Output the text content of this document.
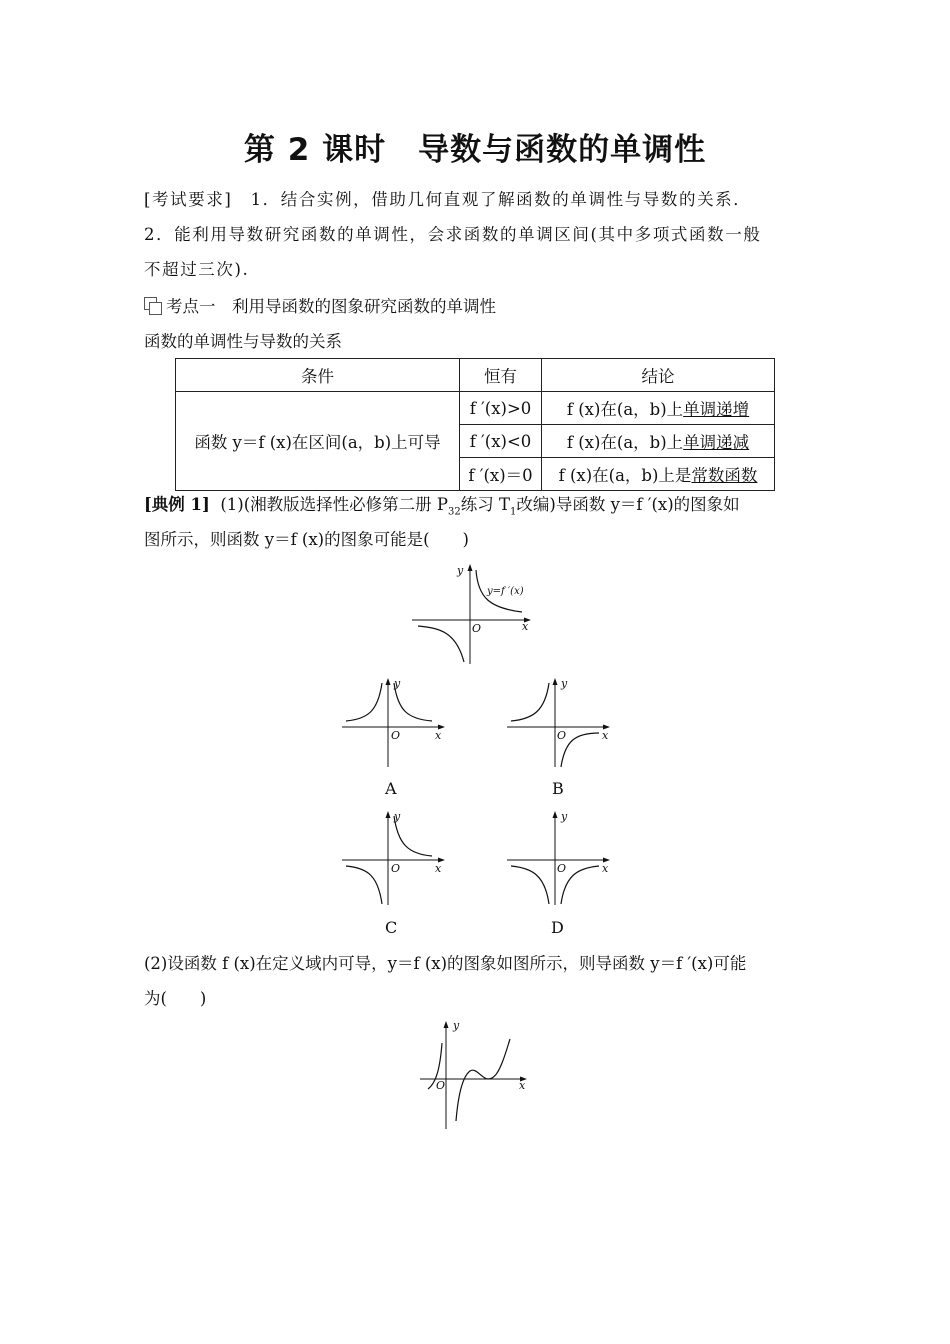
第 2 课时　导数与函数的单调性
[考试要求]　1．结合实例，借助几何直观了解函数的单调性与导数的关系．
2．能利用导数研究函数的单调性，会求函数的单调区间(其中多项式函数一般
不超过三次).
考点一　利用导函数的图象研究函数的单调性
函数的单调性与导数的关系
条件	恒有	结论
函数 y＝f (x)在区间(a，b)上可导	f ′(x)>0	f (x)在(a，b)上单调递增
	f ′(x)<0	f (x)在(a，b)上单调递减
	f ′(x)＝0	f (x)在(a，b)上是常数函数
[典例 1] (1)(湘教版选择性必修第二册 $P_{32}$练习 $T_1$改编)导函数 y＝f ′(x)的图象如
图所示，则函数 y＝f (x)的图象可能是(　　)
y
x
O
y=f ′(x)
y
x
O
A
y
x
O
B
y
x
O
C
y
x
O
D
(2)设函数 f (x)在定义域内可导，y＝f (x)的图象如图所示，则导函数 y＝f ′(x)可能
为(　　)
y
x
O
